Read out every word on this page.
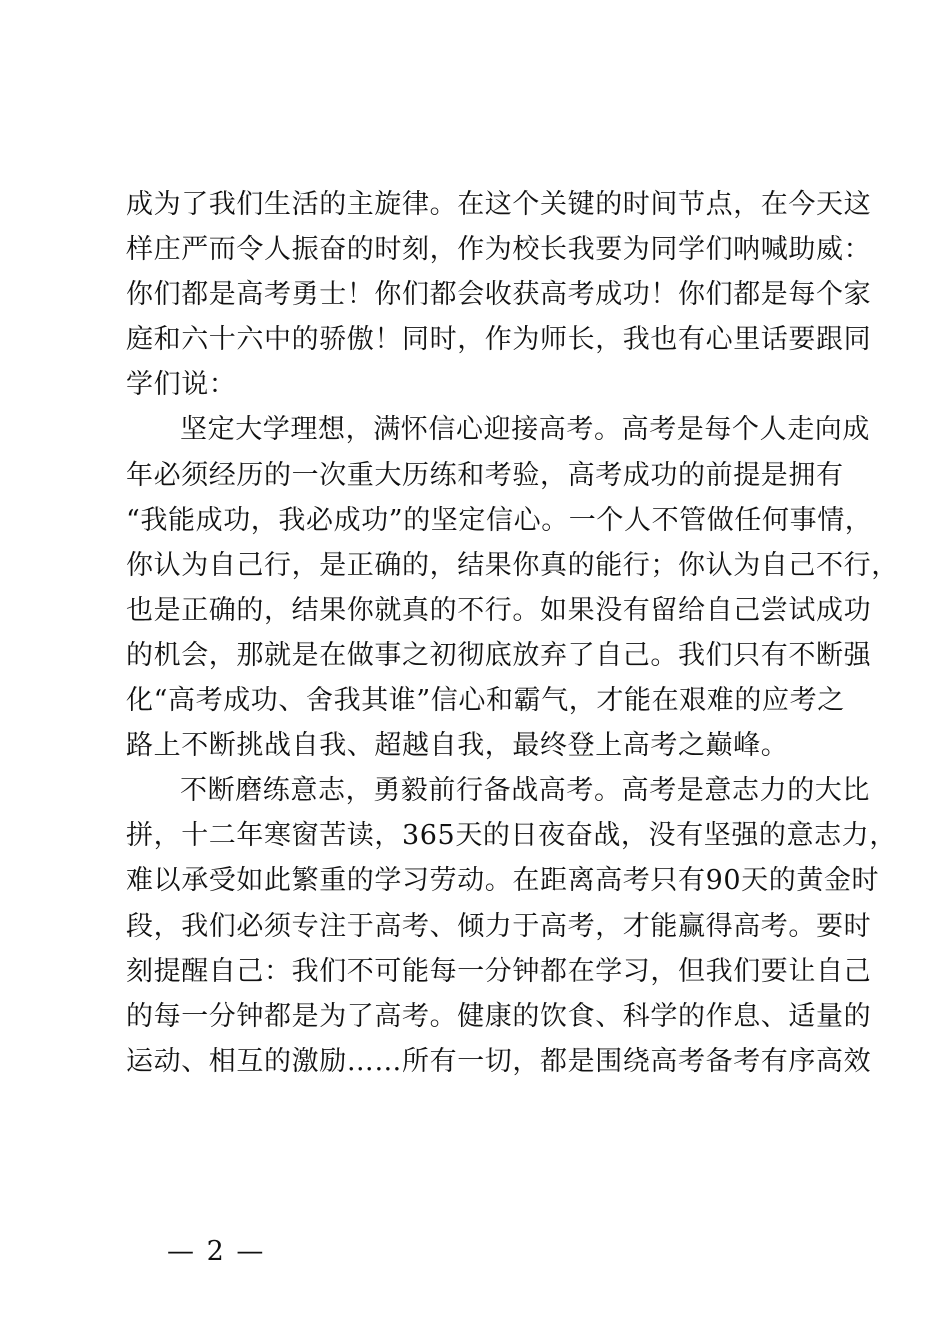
成为了我们生活的主旋律。在这个关键的时间节点，在今天这
样庄严而令人振奋的时刻，作为校长我要为同学们呐喊助威：
你们都是高考勇士！你们都会收获高考成功！你们都是每个家
庭和六十六中的骄傲！同时，作为师长，我也有心里话要跟同
学们说：
坚定大学理想，满怀信心迎接高考。高考是每个人走向成
年必须经历的一次重大历练和考验，高考成功的前提是拥有
“我能成功，我必成功”的坚定信心。一个人不管做任何事情，
你认为自己行，是正确的，结果你真的能行；你认为自己不行，
也是正确的，结果你就真的不行。如果没有留给自己尝试成功
的机会，那就是在做事之初彻底放弃了自己。我们只有不断强
化“高考成功、舍我其谁”信心和霸气，才能在艰难的应考之
路上不断挑战自我、超越自我，最终登上高考之巅峰。
不断磨练意志，勇毅前行备战高考。高考是意志力的大比
拼，十二年寒窗苦读，365天的日夜奋战，没有坚强的意志力，
难以承受如此繁重的学习劳动。在距离高考只有90天的黄金时
段，我们必须专注于高考、倾力于高考，才能赢得高考。要时
刻提醒自己：我们不可能每一分钟都在学习，但我们要让自己
的每一分钟都是为了高考。健康的饮食、科学的作息、适量的
运动、相互的激励……所有一切，都是围绕高考备考有序高效
— 2 —
